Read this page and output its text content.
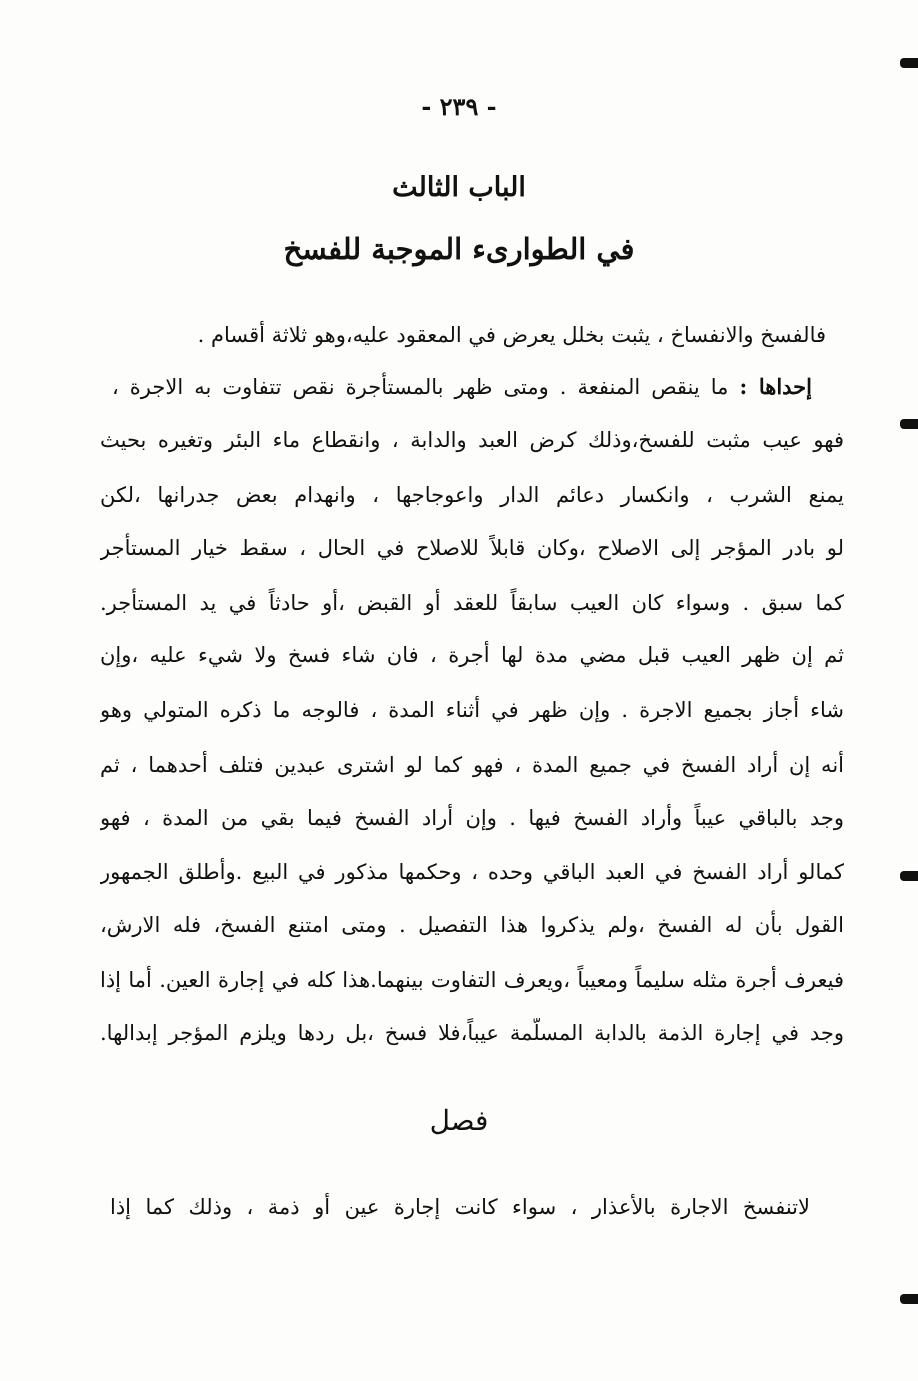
- ٢٣٩ -
الباب الثالث
في الطوارىء الموجبة للفسخ
فالفسخ والانفساخ ، يثبت بخلل يعرض في المعقود عليه،وهو ثلاثة أقسام .
إحداها : ما ينقص المنفعة . ومتى ظهر بالمستأجرة نقص تتفاوت به الاجرة ،
فهو عيب مثبت للفسخ،وذلك كرض العبد والدابة ، وانقطاع ماء البئر وتغيره بحيث
يمنع الشرب ، وانكسار دعائم الدار واعوجاجها ، وانهدام بعض جدرانها ،لكن
لو بادر المؤجر إلى الاصلاح ،وكان قابلاً للاصلاح في الحال ، سقط خيار المستأجر
كما سبق . وسواء كان العيب سابقاً للعقد أو القبض ،أو حادثاً في يد المستأجر.
ثم إن ظهر العيب قبل مضي مدة لها أجرة ، فان شاء فسخ ولا شيء عليه ،وإن
شاء أجاز بجميع الاجرة . وإن ظهر في أثناء المدة ، فالوجه ما ذكره المتولي وهو
أنه إن أراد الفسخ في جميع المدة ، فهو كما لو اشترى عبدين فتلف أحدهما ، ثم
وجد بالباقي عيباً وأراد الفسخ فيها . وإن أراد الفسخ فيما بقي من المدة ، فهو
كمالو أراد الفسخ في العبد الباقي وحده ، وحكمها مذكور في البيع .وأطلق الجمهور
القول بأن له الفسخ ،ولم يذكروا هذا التفصيل . ومتى امتنع الفسخ، فله الارش،
فيعرف أجرة مثله سليماً ومعيباً ،ويعرف التفاوت بينهما.هذا كله في إجارة العين. أما إذا
وجد في إجارة الذمة بالدابة المسلّمة عيباً،فلا فسخ ،بل ردها ويلزم المؤجر إبدالها.
فصل
لاتنفسخ الاجارة بالأعذار ، سواء كانت إجارة عين أو ذمة ، وذلك كما إذا
